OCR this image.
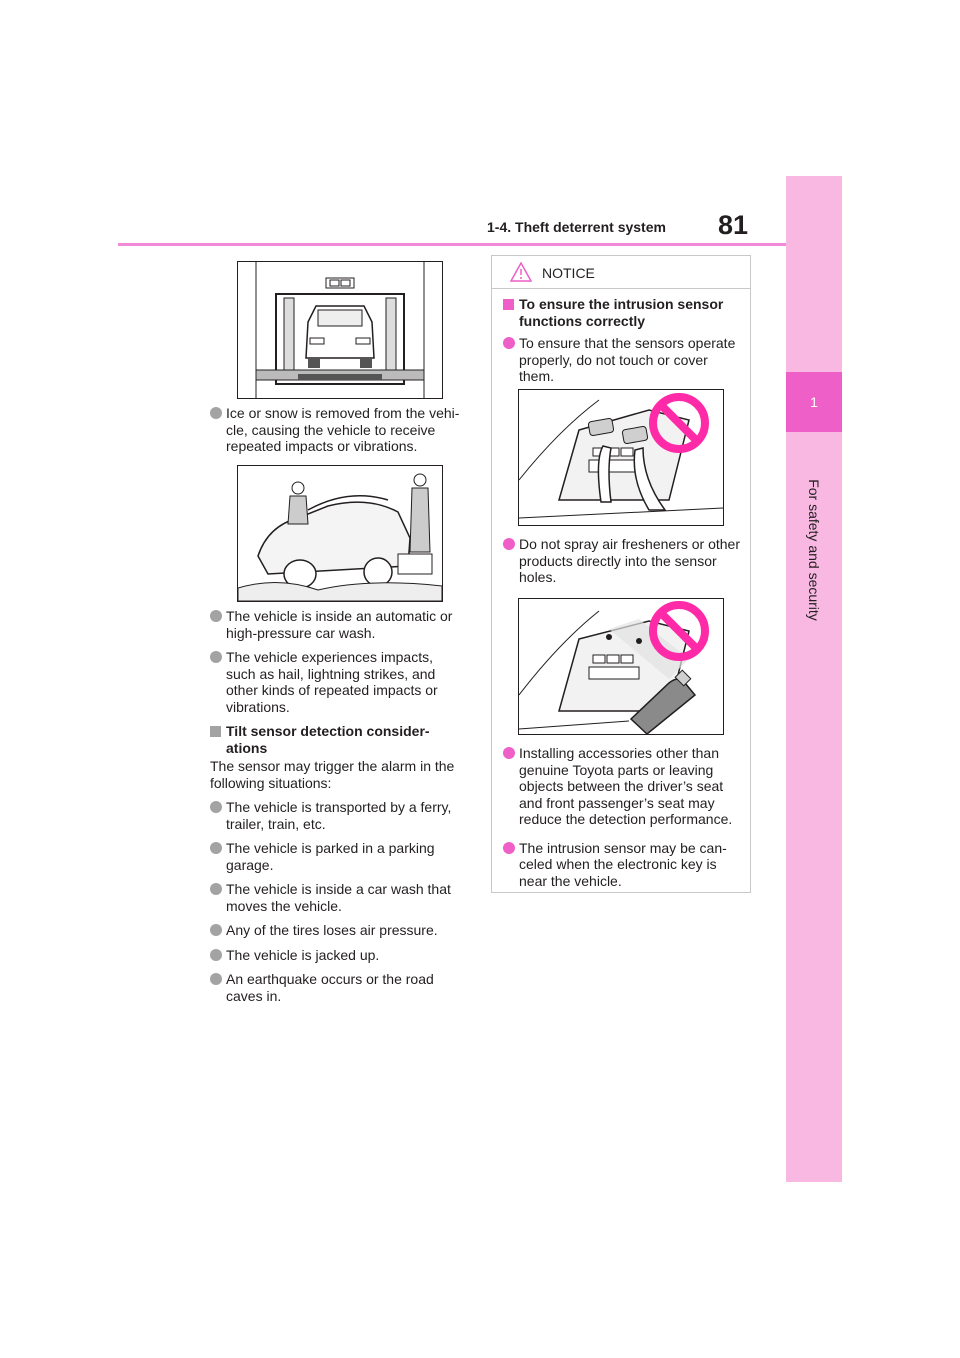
1-4. Theft deterrent system 81
1
For safety and security
Ice or snow is removed from the vehi-cle, causing the vehicle to receive repeated impacts or vibrations.
The vehicle is inside an automatic or high-pressure car wash.
The vehicle experiences impacts, such as hail, lightning strikes, and other kinds of repeated impacts or vibrations.
Tilt sensor detection consider-ations
The sensor may trigger the alarm in the following situations:
The vehicle is transported by a ferry, trailer, train, etc.
The vehicle is parked in a parking garage.
The vehicle is inside a car wash that moves the vehicle.
Any of the tires loses air pressure.
The vehicle is jacked up.
An earthquake occurs or the road caves in.
NOTICE
To ensure the intrusion sensor functions correctly
To ensure that the sensors operate properly, do not touch or cover them.
Do not spray air fresheners or other products directly into the sensor holes.
Installing accessories other than genuine Toyota parts or leaving objects between the driver’s seat and front passenger’s seat may reduce the detection performance.
The intrusion sensor may be can-celed when the electronic key is near the vehicle.
